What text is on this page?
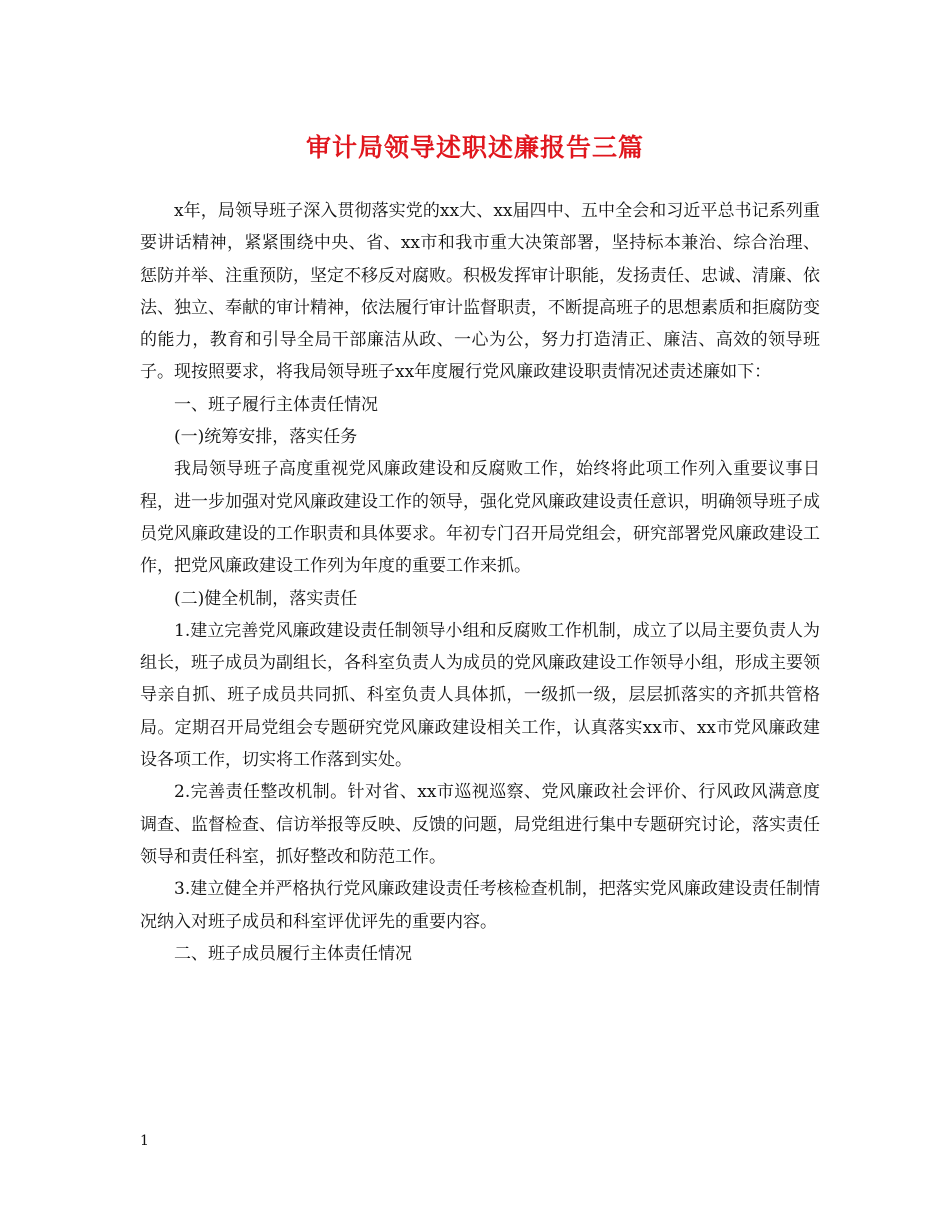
审计局领导述职述廉报告三篇

x年，局领导班子深入贯彻落实党的xx大、xx届四中、五中全会和习近平总书记系列重要讲话精神，紧紧围绕中央、省、xx市和我市重大决策部署，坚持标本兼治、综合治理、惩防并举、注重预防，坚定不移反对腐败。积极发挥审计职能，发扬责任、忠诚、清廉、依法、独立、奉献的审计精神，依法履行审计监督职责，不断提高班子的思想素质和拒腐防变的能力，教育和引导全局干部廉洁从政、一心为公，努力打造清正、廉洁、高效的领导班子。现按照要求，将我局领导班子xx年度履行党风廉政建设职责情况述责述廉如下：

一、班子履行主体责任情况

(一)统筹安排，落实任务

我局领导班子高度重视党风廉政建设和反腐败工作，始终将此项工作列入重要议事日程，进一步加强对党风廉政建设工作的领导，强化党风廉政建设责任意识，明确领导班子成员党风廉政建设的工作职责和具体要求。年初专门召开局党组会，研究部署党风廉政建设工作，把党风廉政建设工作列为年度的重要工作来抓。

(二)健全机制，落实责任

1.建立完善党风廉政建设责任制领导小组和反腐败工作机制，成立了以局主要负责人为组长，班子成员为副组长，各科室负责人为成员的党风廉政建设工作领导小组，形成主要领导亲自抓、班子成员共同抓、科室负责人具体抓，一级抓一级，层层抓落实的齐抓共管格局。定期召开局党组会专题研究党风廉政建设相关工作，认真落实xx市、xx市党风廉政建设各项工作，切实将工作落到实处。

2.完善责任整改机制。针对省、xx市巡视巡察、党风廉政社会评价、行风政风满意度调查、监督检查、信访举报等反映、反馈的问题，局党组进行集中专题研究讨论，落实责任领导和责任科室，抓好整改和防范工作。

3.建立健全并严格执行党风廉政建设责任考核检查机制，把落实党风廉政建设责任制情况纳入对班子成员和科室评优评先的重要内容。

二、班子成员履行主体责任情况

1
